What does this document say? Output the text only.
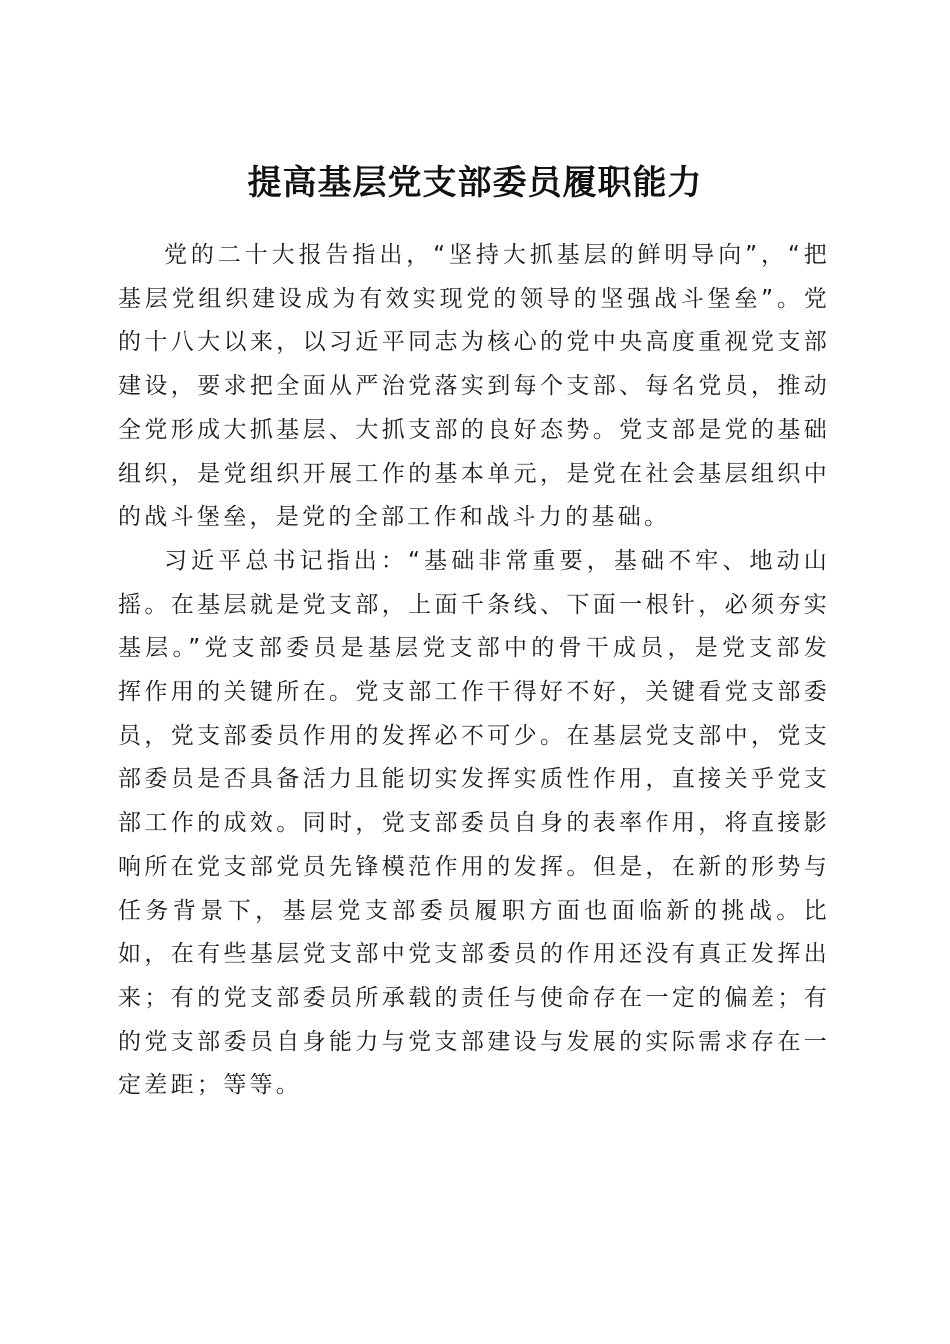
提高基层党支部委员履职能力

党的二十大报告指出，“坚持大抓基层的鲜明导向”，“把基层党组织建设成为有效实现党的领导的坚强战斗堡垒”。党的十八大以来，以习近平同志为核心的党中央高度重视党支部建设，要求把全面从严治党落实到每个支部、每名党员，推动全党形成大抓基层、大抓支部的良好态势。党支部是党的基础组织，是党组织开展工作的基本单元，是党在社会基层组织中的战斗堡垒，是党的全部工作和战斗力的基础。

习近平总书记指出：“基础非常重要，基础不牢、地动山摇。在基层就是党支部，上面千条线、下面一根针，必须夯实基层。”党支部委员是基层党支部中的骨干成员，是党支部发挥作用的关键所在。党支部工作干得好不好，关键看党支部委员，党支部委员作用的发挥必不可少。在基层党支部中，党支部委员是否具备活力且能切实发挥实质性作用，直接关乎党支部工作的成效。同时，党支部委员自身的表率作用，将直接影响所在党支部党员先锋模范作用的发挥。但是，在新的形势与任务背景下，基层党支部委员履职方面也面临新的挑战。比如，在有些基层党支部中党支部委员的作用还没有真正发挥出来；有的党支部委员所承载的责任与使命存在一定的偏差；有的党支部委员自身能力与党支部建设与发展的实际需求存在一定差距；等等。
